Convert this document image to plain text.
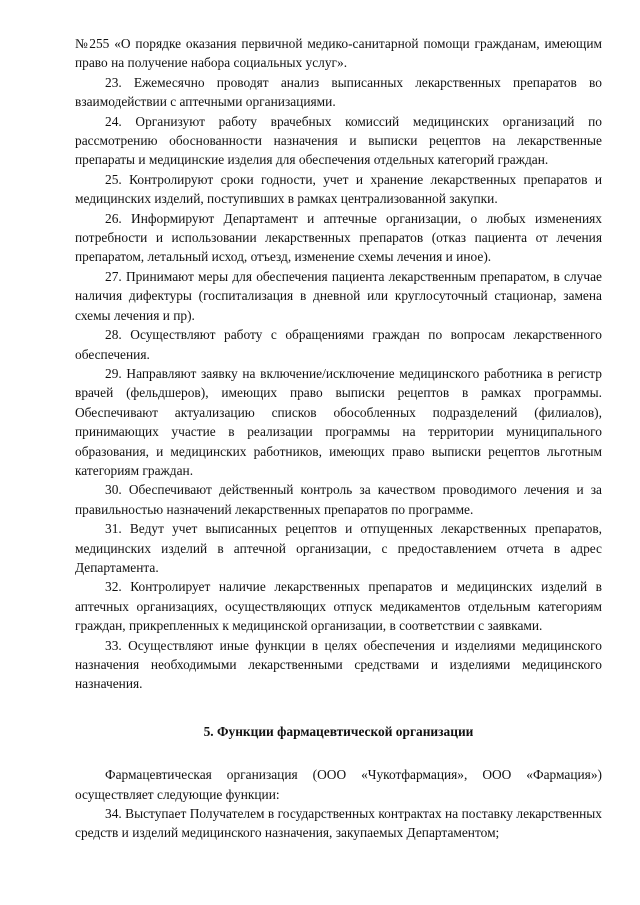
№255 «О порядке оказания первичной медико-санитарной помощи гражданам, имеющим право на получение набора социальных услуг».

23. Ежемесячно проводят анализ выписанных лекарственных препаратов во взаимодействии с аптечными организациями.

24. Организуют работу врачебных комиссий медицинских организаций по рассмотрению обоснованности назначения и выписки рецептов на лекарственные препараты и медицинские изделия для обеспечения отдельных категорий граждан.

25. Контролируют сроки годности, учет и хранение лекарственных препаратов и медицинских изделий, поступивших в рамках централизованной закупки.

26. Информируют Департамент и аптечные организации, о любых изменениях потребности и использовании лекарственных препаратов (отказ пациента от лечения препаратом, летальный исход, отъезд, изменение схемы лечения и иное).

27. Принимают меры для обеспечения пациента лекарственным препаратом, в случае наличия дифектуры (госпитализация в дневной или круглосуточный стационар, замена схемы лечения и пр).

28. Осуществляют работу с обращениями граждан по вопросам лекарственного обеспечения.

29. Направляют заявку на включение/исключение медицинского работника в регистр врачей (фельдшеров), имеющих право выписки рецептов в рамках программы. Обеспечивают актуализацию списков обособленных подразделений (филиалов), принимающих участие в реализации программы на территории муниципального образования, и медицинских работников, имеющих право выписки рецептов льготным категориям граждан.

30. Обеспечивают действенный контроль за качеством проводимого лечения и за правильностью назначений лекарственных препаратов по программе.

31. Ведут учет выписанных рецептов и отпущенных лекарственных препаратов, медицинских изделий в аптечной организации, с предоставлением отчета в адрес Департамента.

32. Контролирует наличие лекарственных препаратов и медицинских изделий в аптечных организациях, осуществляющих отпуск медикаментов отдельным категориям граждан, прикрепленных к медицинской организации, в соответствии с заявками.

33. Осуществляют иные функции в целях обеспечения и изделиями медицинского назначения необходимыми лекарственными средствами и изделиями медицинского назначения.

5. Функции фармацевтической организации

Фармацевтическая организация (ООО «Чукотфармация», ООО «Фармация») осуществляет следующие функции:

34. Выступает Получателем в государственных контрактах на поставку лекарственных средств и изделий медицинского назначения, закупаемых Департаментом;
